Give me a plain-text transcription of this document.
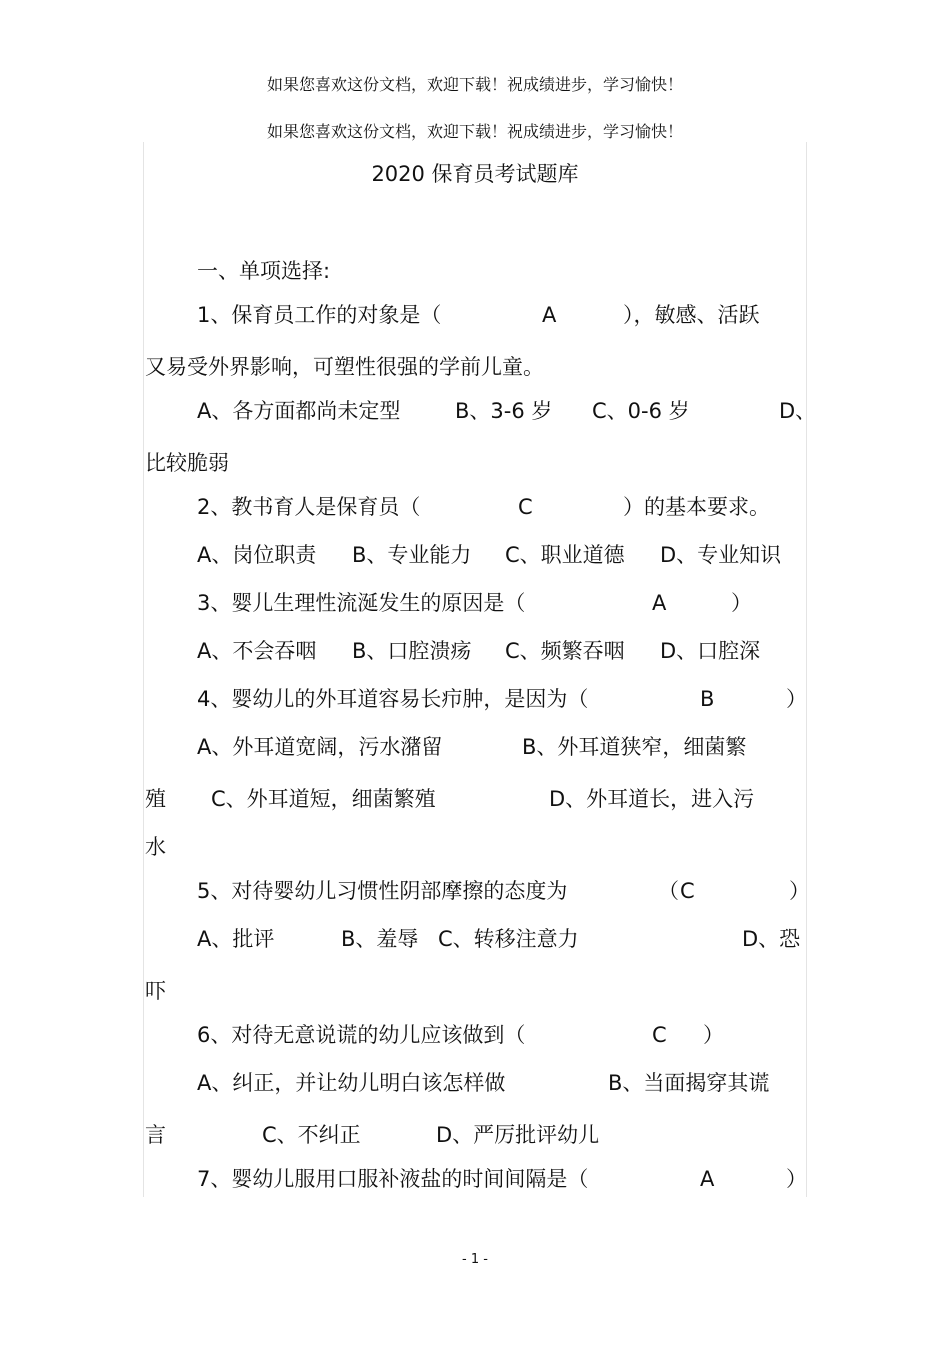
如果您喜欢这份文档，欢迎下载！祝成绩进步，学习愉快！
如果您喜欢这份文档，欢迎下载！祝成绩进步，学习愉快！
2020 保育员考试题库
一、单项选择:
1、保育员工作的对象是（	A	），敏感、活跃
又易受外界影响，可塑性很强的学前儿童。
A、各方面都尚未定型	B、3-6 岁 C、0-6 岁	D、
比较脆弱
2、教书育人是保育员（	C	）的基本要求。
A、岗位职责 B、专业能力 C、职业道德 D、专业知识
3、婴儿生理性流涎发生的原因是（	A	）
A、不会吞咽 B、口腔溃疡 C、频繁吞咽 D、口腔深
4、婴幼儿的外耳道容易长疖肿，是因为（	B	）
A、外耳道宽阔，污水潴留	B、外耳道狭窄，细菌繁
殖 C、外耳道短，细菌繁殖	D、外耳道长，进入污
水
5、对待婴幼儿习惯性阴部摩擦的态度为	（ C	）
A、批评	B、羞辱 C、转移注意力	D、恐
吓
6、对待无意说谎的幼儿应该做到（	C ）
A、纠正，并让幼儿明白该怎样做	B、当面揭穿其谎
言	C、不纠正	D、严厉批评幼儿
7、婴幼儿服用口服补液盐的时间间隔是（	A	）
- 1 -
